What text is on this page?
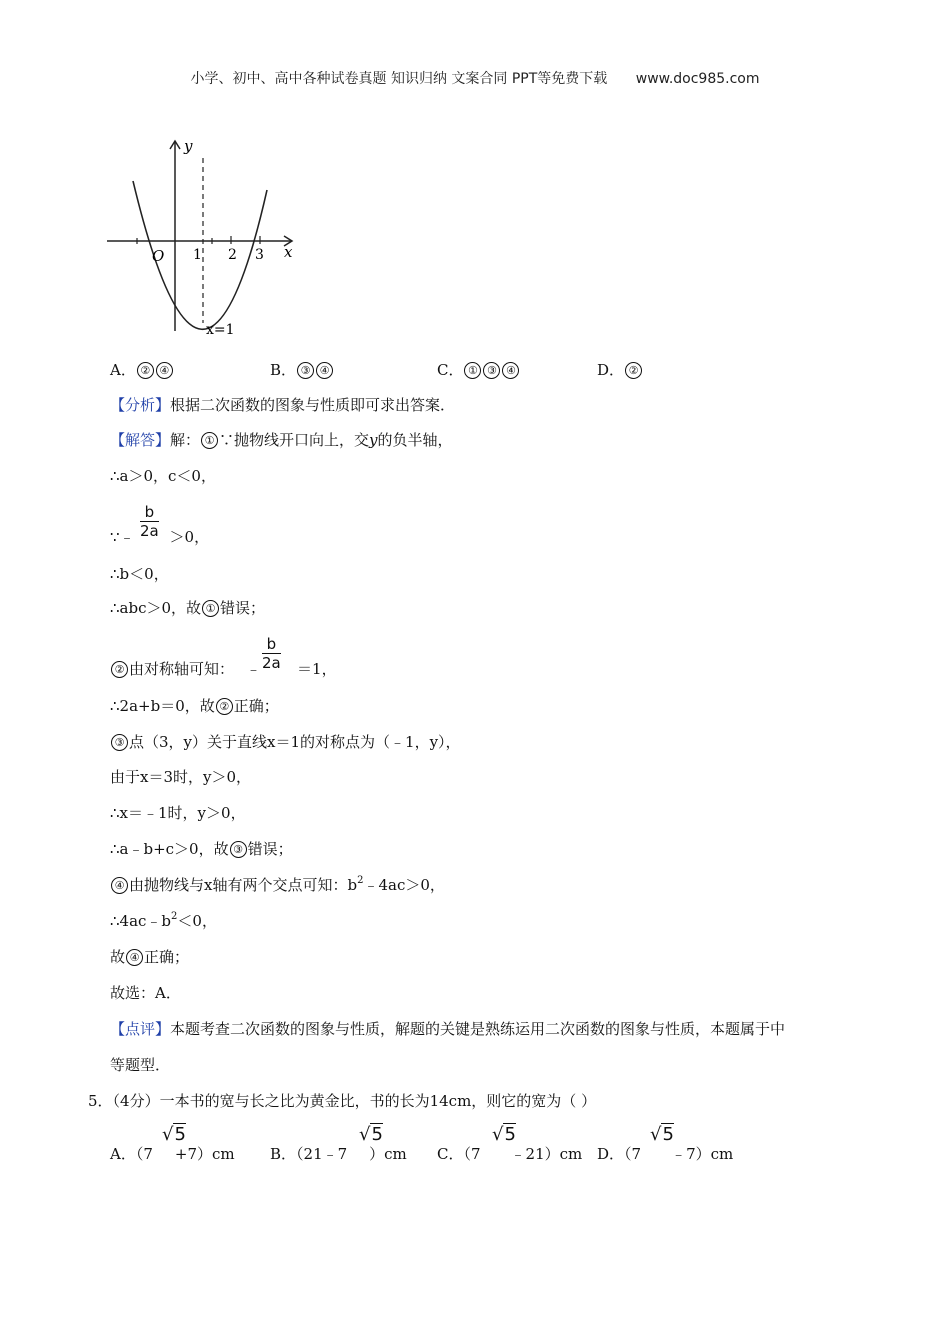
小学、初中、高中各种试卷真题 知识归纳 文案合同 PPT等免费下载 www.doc985.com
y
x
O 1 2 3
x=1
A． ② ④	B． ③ ④	C． ① ③ ④	D． ②
【分析】根据二次函数的图象与性质即可求出答案．
【解答】解： ① ∵抛物线开口向上，交y的负半轴，
∴a＞0，c＜0，
$\frac{b}{2a}$
∵﹣ ＞0，
∴b＜0，
∴abc＞0，故 ① 错误；
$\frac{b}{2a}$
② 由对称轴可知： ﹣ ＝1，
∴2a+b＝0，故 ② 正确；
③ 点（3，y）关于直线x＝1的对称点为（﹣1，y），
由于x＝3时，y＞0，
∴x＝﹣1时，y＞0，
∴a﹣b+c＞0，故 ③ 错误；
④ 由抛物线与x轴有两个交点可知：$b^2﹣4ac>0$，
$\therefore 4ac﹣b^2<0$，
故 ④ 正确；
故选：A．
【点评】本题考查二次函数的图象与性质，解题的关键是熟练运用二次函数的图象与性质，本题属于中
等题型．
5．（4分）一本书的宽与长之比为黄金比，书的长为14cm，则它的宽为（ ）
√5	√5	√5	√5
A．（7 +7）cm B．（21﹣7 ）cm C．（7 ﹣21）cm D．（7 ﹣7）cm
